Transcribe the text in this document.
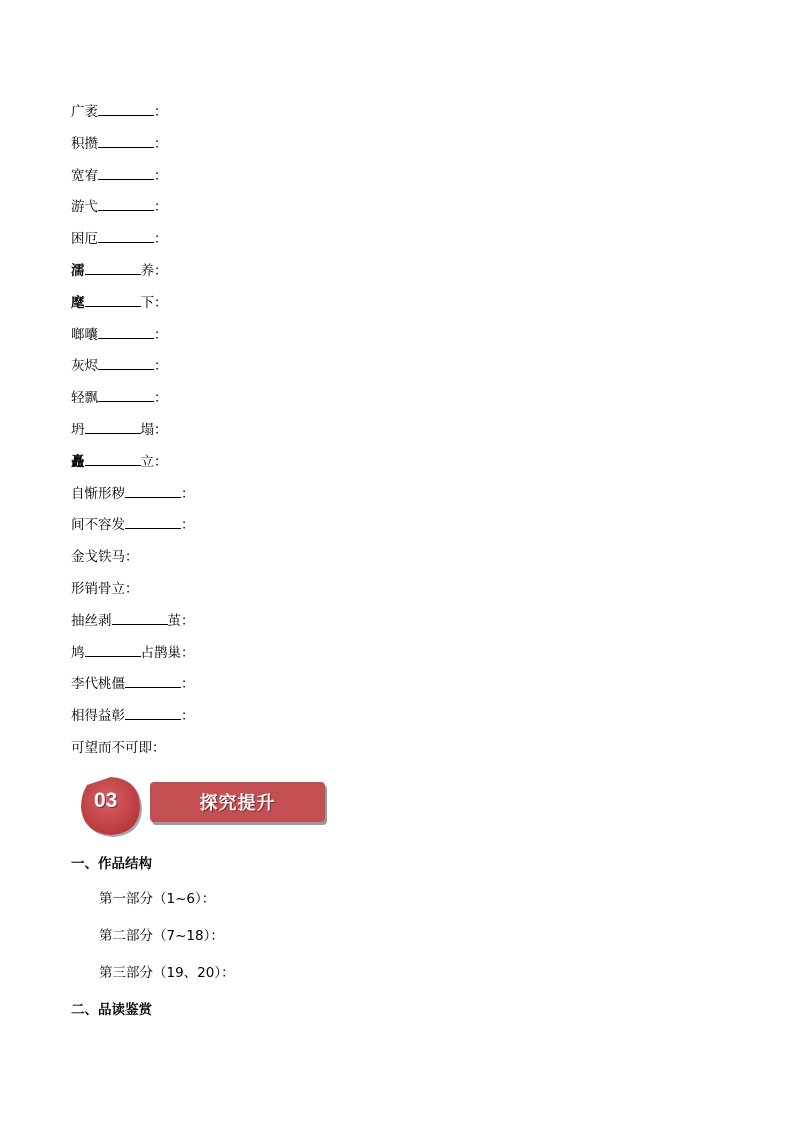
广袤	：
积攒	：
宽宥	：
游弋	：
困厄	：
濡	养：
麾	下：
啷囔	：
灰烬	：
轻飘	：
坍	塌：
矗	立：
自惭形秽	：
间不容发	：
金戈铁马：
形销骨立：
抽丝剥	茧：
鸠	占鹊巢：
李代桃僵	：
相得益彰	：
可望而不可即：
03	探究提升
一、作品结构
第一部分（1~6）：
第二部分（7~18）：
第三部分（19、20）：
二、品读鉴赏
